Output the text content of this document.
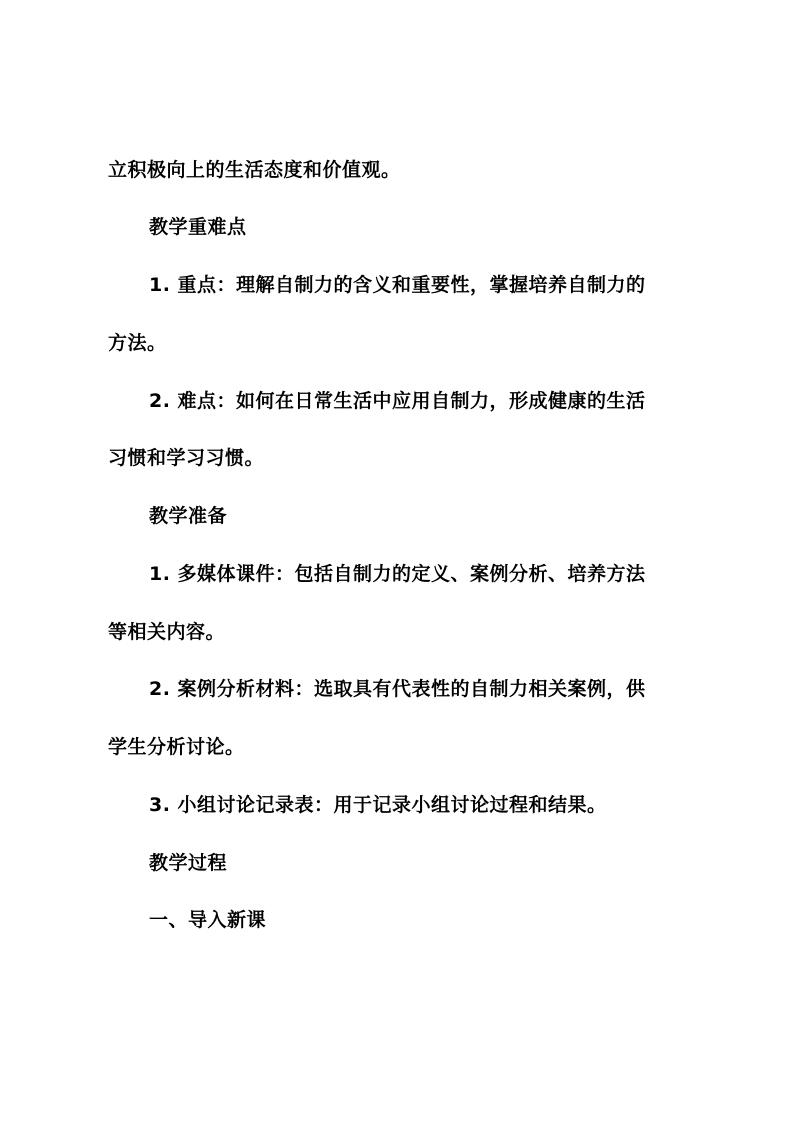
立积极向上的生活态度和价值观。
教学重难点
1. 重点：理解自制力的含义和重要性，掌握培养自制力的
方法。
2. 难点：如何在日常生活中应用自制力，形成健康的生活
习惯和学习习惯。
教学准备
1. 多媒体课件：包括自制力的定义、案例分析、培养方法
等相关内容。
2. 案例分析材料：选取具有代表性的自制力相关案例，供
学生分析讨论。
3. 小组讨论记录表：用于记录小组讨论过程和结果。
教学过程
一、导入新课
